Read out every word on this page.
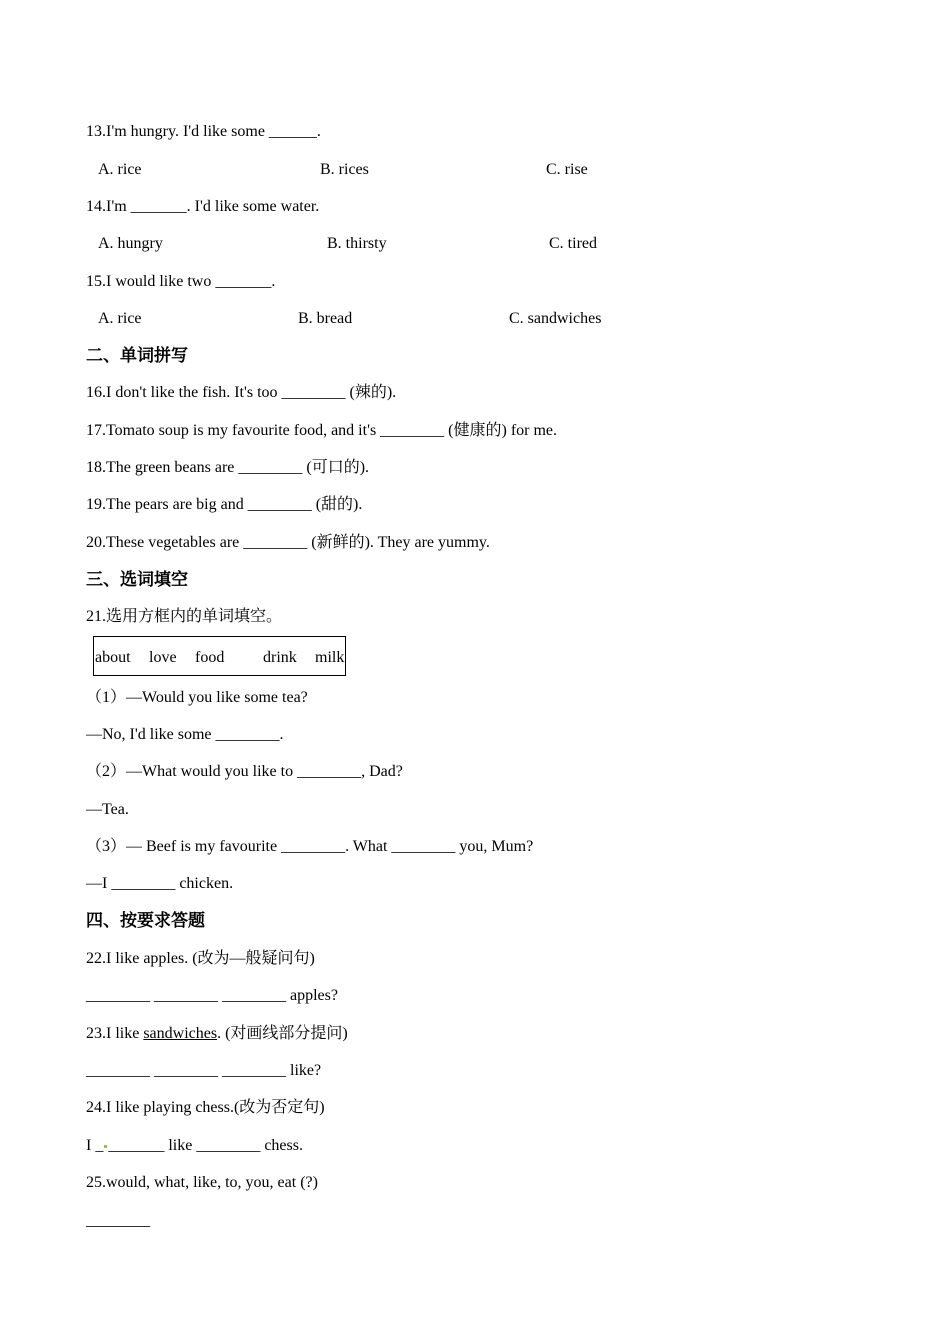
13.I'm hungry. I'd like some ______.
A. rice	B. rices	C. rise
14.I'm _______. I'd like some water.
A. hungry	B. thirsty	C. tired
15.I would like two _______.
A. rice	B. bread	C. sandwiches
二、单词拼写
16.I don't like the fish. It's too ________ (辣的).
17.Tomato soup is my favourite food, and it's ________ (健康的) for me.
18.The green beans are ________ (可口的).
19.The pears are big and ________ (甜的).
20.These vegetables are ________ (新鲜的). They are yummy.
三、选词填空
21.选用方框内的单词填空。
about love food drink milk
（1）—Would you like some tea?
—No, I'd like some ________.
（2）—What would you like to ________, Dad?
—Tea.
（3）— Beef is my favourite ________. What ________ you, Mum?
—I ________ chicken.
四、按要求答题
22.I like apples. (改为—般疑问句)
________ ________ ________ apples?
23.I like sandwiches. (对画线部分提问)
________ ________ ________ like?
24.I like playing chess.(改为否定句)
I _ _______ like ________ chess.
25.would, what, like, to, you, eat (?)
________
